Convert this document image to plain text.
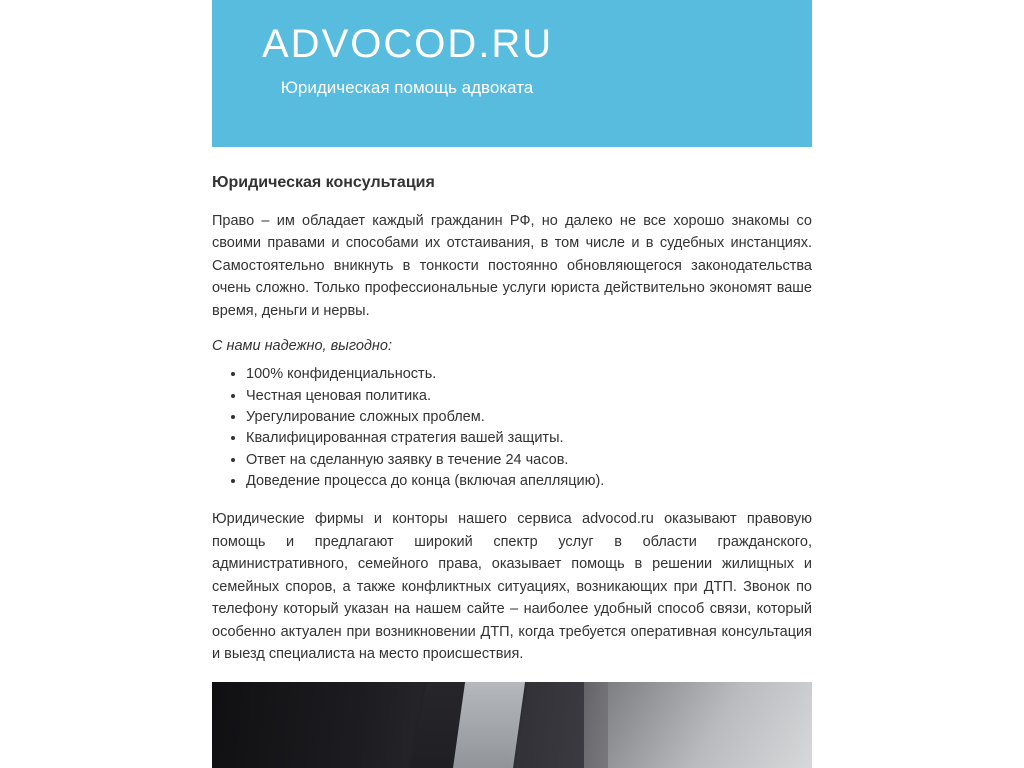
ADVOCOD.RU
Юридическая помощь адвоката
Юридическая консультация

Право – им обладает каждый гражданин РФ, но далеко не все хорошо знакомы со своими правами и способами их отстаивания, в том числе и в судебных инстанциях. Самостоятельно вникнуть в тонкости постоянно обновляющегося законодательства очень сложно. Только профессиональные услуги юриста действительно экономят ваше время, деньги и нервы.

С нами надежно, выгодно:

• 100% конфиденциальность.
• Честная ценовая политика.
• Урегулирование сложных проблем.
• Квалифицированная стратегия вашей защиты.
• Ответ на сделанную заявку в течение 24 часов.
• Доведение процесса до конца (включая апелляцию).

Юридические фирмы и конторы нашего сервиса advocod.ru оказывают правовую помощь и предлагают широкий спектр услуг в области гражданского, административного, семейного права, оказывает помощь в решении жилищных и семейных споров, а также конфликтных ситуациях, возникающих при ДТП. Звонок по телефону который указан на нашем сайте – наиболее удобный способ связи, который особенно актуален при возникновении ДТП, когда требуется оперативная консультация и выезд специалиста на место происшествия.
